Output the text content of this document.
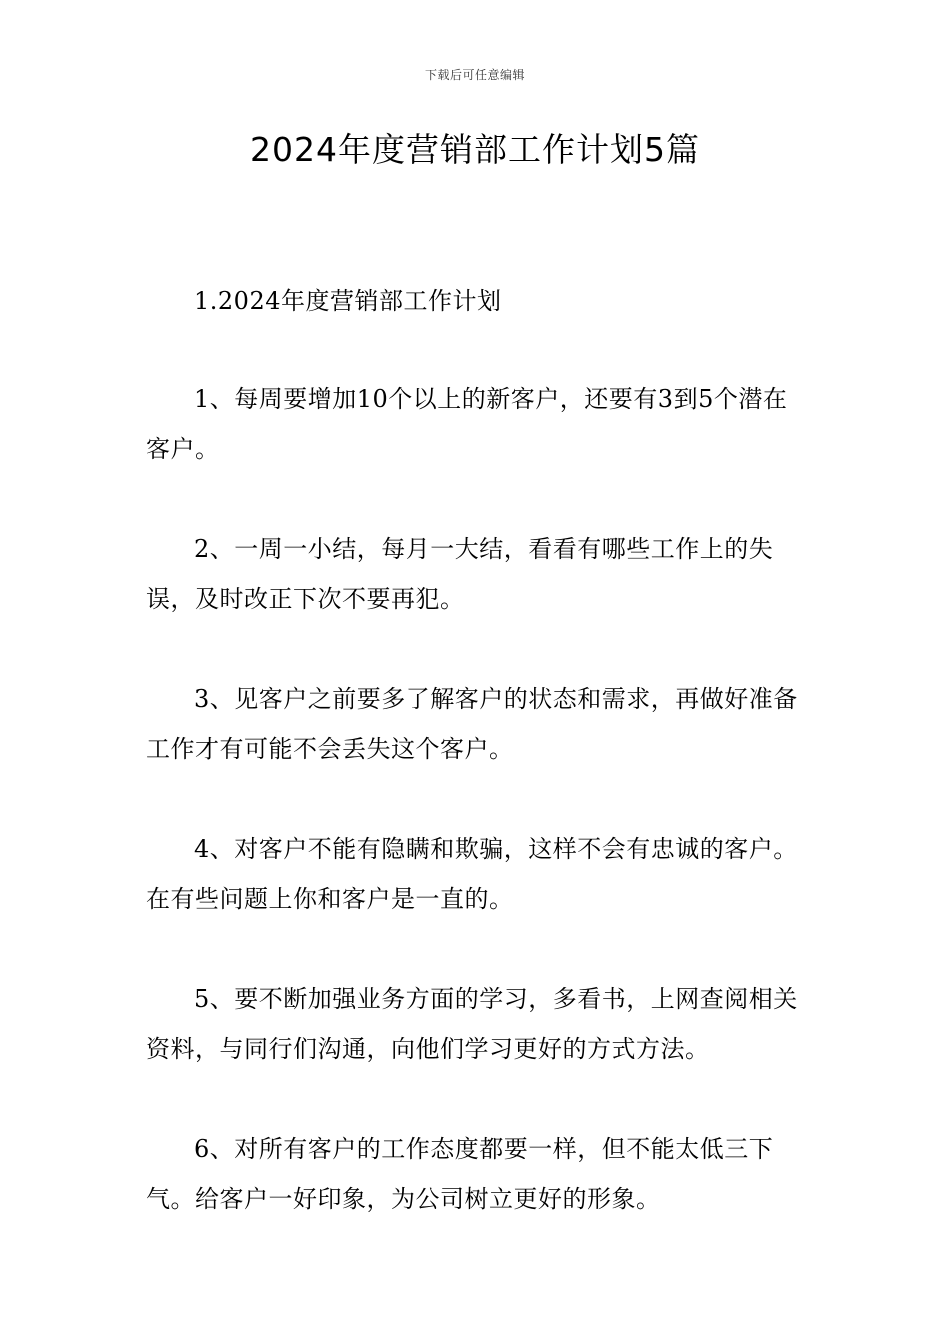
下载后可任意编辑
2024年度营销部工作计划5篇

1.2024年度营销部工作计划

1、每周要增加10个以上的新客户，还要有3到5个潜在客户。

2、一周一小结，每月一大结，看看有哪些工作上的失误，及时改正下次不要再犯。

3、见客户之前要多了解客户的状态和需求，再做好准备工作才有可能不会丢失这个客户。

4、对客户不能有隐瞒和欺骗，这样不会有忠诚的客户。在有些问题上你和客户是一直的。

5、要不断加强业务方面的学习，多看书，上网查阅相关资料，与同行们沟通，向他们学习更好的方式方法。

6、对所有客户的工作态度都要一样，但不能太低三下气。给客户一好印象，为公司树立更好的形象。
